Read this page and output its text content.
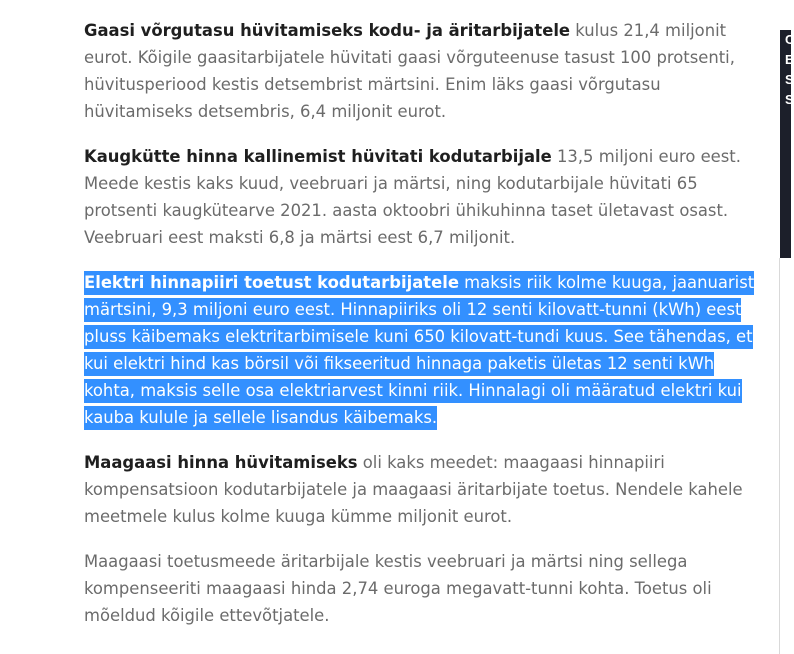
Gaasi võrgutasu hüvitamiseks kodu- ja äritarbijatele kulus 21,4 miljonit eurot. Kõigile gaasitarbijatele hüvitati gaasi võrguteenuse tasust 100 protsenti, hüvitusperiood kestis detsembrist märtsini. Enim läks gaasi võrgutasu hüvitamiseks detsembris, 6,4 miljonit eurot.

Kaugkütte hinna kallinemist hüvitati kodutarbijale 13,5 miljoni euro eest. Meede kestis kaks kuud, veebruari ja märtsi, ning kodutarbijale hüvitati 65 protsenti kaugkütearve 2021. aasta oktoobri ühikuhinna taset ületavast osast. Veebruari eest maksti 6,8 ja märtsi eest 6,7 miljonit.

Elektri hinnapiiri toetust kodutarbijatele maksis riik kolme kuuga, jaanuarist märtsini, 9,3 miljoni euro eest. Hinnapiiriks oli 12 senti kilovatt-tunni (kWh) eest pluss käibemaks elektritarbimisele kuni 650 kilovatt-tundi kuus. See tähendas, et kui elektri hind kas börsil või fikseeritud hinnaga paketis ületas 12 senti kWh kohta, maksis selle osa elektriarvest kinni riik. Hinnalagi oli määratud elektri kui kauba kulule ja sellele lisandus käibemaks.

Maagaasi hinna hüvitamiseks oli kaks meedet: maagaasi hinnapiiri kompensatsioon kodutarbijatele ja maagaasi äritarbijate toetus. Nendele kahele meetmele kulus kolme kuuga kümme miljonit eurot.

Maagaasi toetusmeede äritarbijale kestis veebruari ja märtsi ning sellega kompenseeriti maagaasi hinda 2,74 euroga megavatt-tunni kohta. Toetus oli mõeldud kõigile ettevõtjatele.

C
E
S
S
